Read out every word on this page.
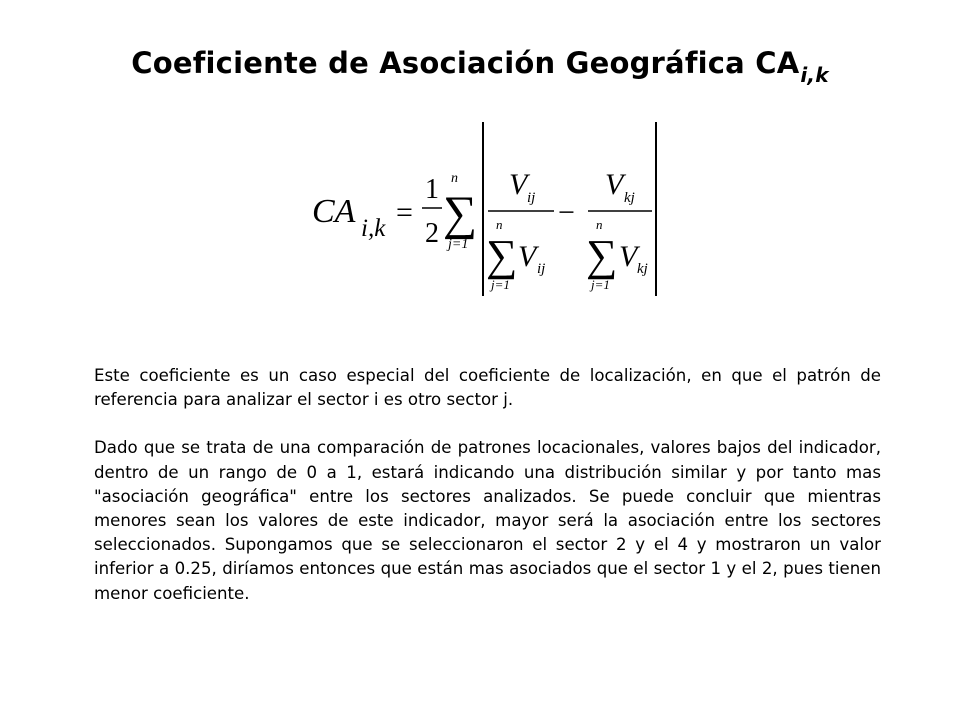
Coeficiente de Asociación Geográfica $CA_{i,k}$
CA i,k =
1
2
n
∑
j=1
V ij
n
∑
j=1
V ij
−
V kj
n
∑
j=1
V kj

Este coeficiente es un caso especial del coeficiente de localización, en que el patrón de referencia para analizar el sector i es otro sector j.

Dado que se trata de una comparación de patrones locacionales, valores bajos del indicador, dentro de un rango de 0 a 1, estará indicando una distribución similar y por tanto mas "asociación geográfica" entre los sectores analizados. Se puede concluir que mientras menores sean los valores de este indicador, mayor será la asociación entre los sectores seleccionados. Supongamos que se seleccionaron el sector 2 y el 4 y mostraron un valor inferior a 0.25, diríamos entonces que están mas asociados que el sector 1 y el 2, pues tienen menor coeficiente.
